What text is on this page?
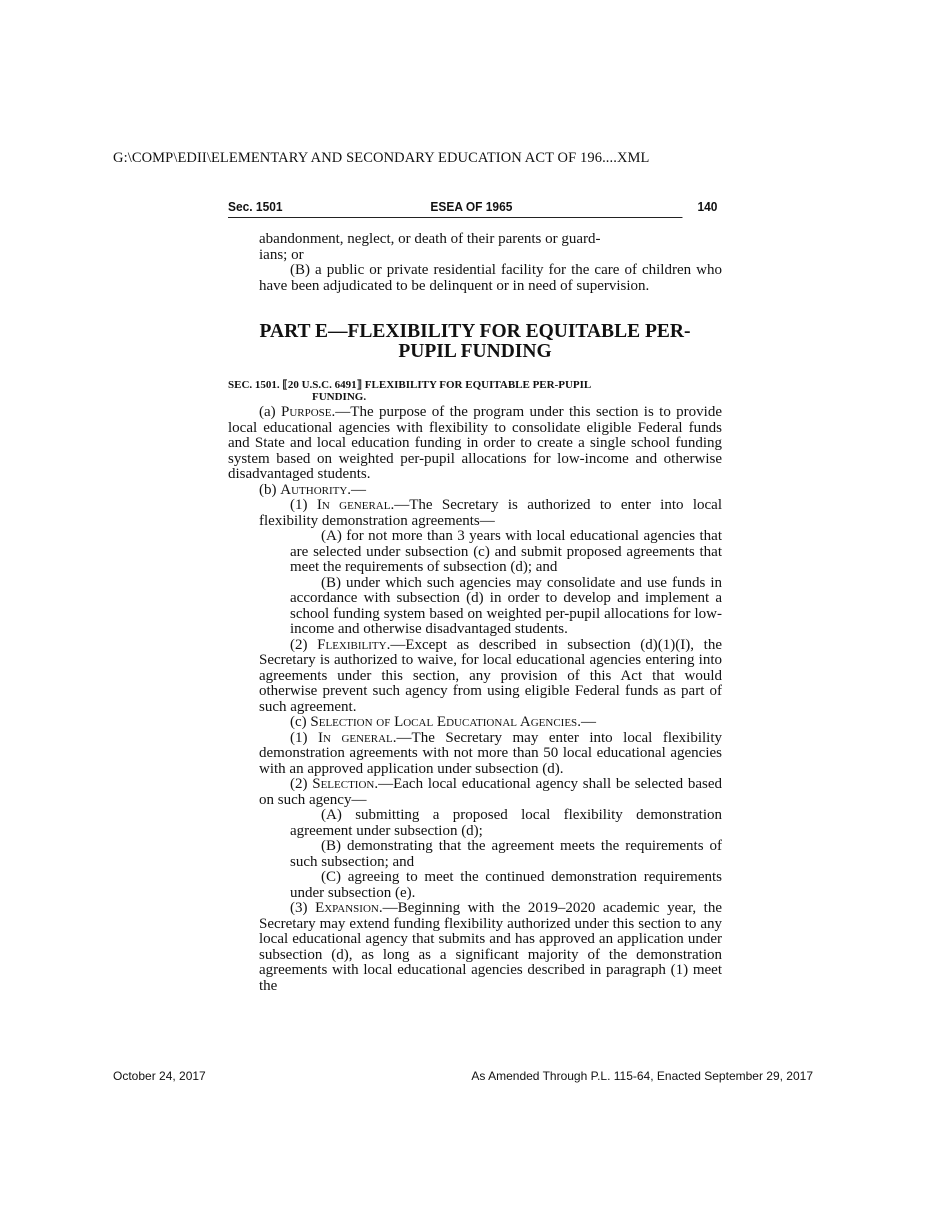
G:\COMP\EDII\ELEMENTARY AND SECONDARY EDUCATION ACT OF 196....XML
Sec. 1501	ESEA OF 1965	140

abandonment, neglect, or death of their parents or guard-

ians; or

(B) a public or private residential facility for the care of children who have been adjudicated to be delinquent or in need of supervision.

PART E—FLEXIBILITY FOR EQUITABLE PER-
PUPIL FUNDING
SEC. 1501. ⟦20 U.S.C. 6491⟧ FLEXIBILITY FOR EQUITABLE PER-PUPIL
FUNDING.

(a) Purpose.—The purpose of the program under this section is to provide local educational agencies with flexibility to consolidate eligible Federal funds and State and local education funding in order to create a single school funding system based on weighted per-pupil allocations for low-income and otherwise disadvantaged students.

(b) Authority.—

(1) In general.—The Secretary is authorized to enter into local flexibility demonstration agreements—

(A) for not more than 3 years with local educational agencies that are selected under subsection (c) and submit proposed agreements that meet the requirements of subsection (d); and

(B) under which such agencies may consolidate and use funds in accordance with subsection (d) in order to develop and implement a school funding system based on weighted per-pupil allocations for low-income and otherwise disadvantaged students.

(2) Flexibility.—Except as described in subsection (d)(1)(I), the Secretary is authorized to waive, for local educational agencies entering into agreements under this section, any provision of this Act that would otherwise prevent such agency from using eligible Federal funds as part of such agreement.

(c) Selection of Local Educational Agencies.—

(1) In general.—The Secretary may enter into local flexibility demonstration agreements with not more than 50 local educational agencies with an approved application under subsection (d).

(2) Selection.—Each local educational agency shall be selected based on such agency—

(A) submitting a proposed local flexibility demonstration agreement under subsection (d);

(B) demonstrating that the agreement meets the requirements of such subsection; and

(C) agreeing to meet the continued demonstration requirements under subsection (e).

(3) Expansion.—Beginning with the 2019–2020 academic year, the Secretary may extend funding flexibility authorized under this section to any local educational agency that submits and has approved an application under subsection (d), as long as a significant majority of the demonstration agreements with local educational agencies described in paragraph (1) meet the

October 24, 2017	As Amended Through P.L. 115-64, Enacted September 29, 2017
